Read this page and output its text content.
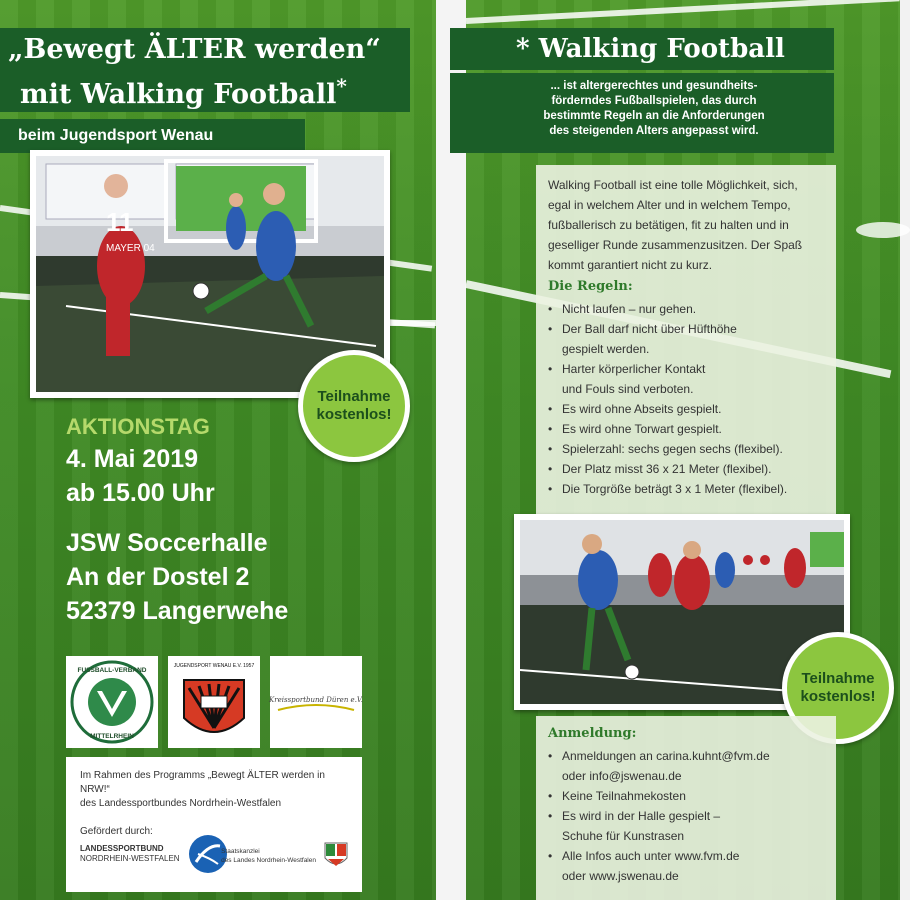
„Bewegt ÄLTER werden“
mit Walking Football*
beim Jugendsport Wenau
11
MAYER 04
Teilnahme
kostenlos!
AKTIONSTAG
4. Mai 2019
ab 15.00 Uhr
JSW Soccerhalle
An der Dostel 2
52379 Langerwehe
FUSSBALL-VERBAND
MITTELRHEIN
JUGENDSPORT WENAU E.V. 1957
Kreissportbund Düren e.V.
Im Rahmen des Programms „Bewegt ÄLTER werden in NRW!“
des Landessportbundes Nordrhein-Westfalen
Gefördert durch:
LANDESSPORTBUND
NORDRHEIN-WESTFALEN
Staatskanzlei
des Landes Nordrhein-Westfalen
* Walking Football
... ist altergerechtes und gesundheits-
förderndes Fußballspielen, das durch
bestimmte Regeln an die Anforderungen
des steigenden Alters angepasst wird.
Walking Football ist eine tolle Möglichkeit, sich,
egal in welchem Alter und in welchem Tempo,
fußballerisch zu betätigen, fit zu halten und in
geselliger Runde zusammenzusitzen. Der Spaß
kommt garantiert nicht zu kurz.
Die Regeln:
• Nicht laufen – nur gehen.
• Der Ball darf nicht über Hüfthöhe
gespielt werden.
• Harter körperlicher Kontakt
und Fouls sind verboten.
• Es wird ohne Abseits gespielt.
• Es wird ohne Torwart gespielt.
• Spielerzahl: sechs gegen sechs (flexibel).
• Der Platz misst 36 x 21 Meter (flexibel).
• Die Torgröße beträgt 3 x 1 Meter (flexibel).
Teilnahme
kostenlos!
Anmeldung:
• Anmeldungen an carina.kuhnt@fvm.de
oder info@jswenau.de
• Keine Teilnahmekosten
• Es wird in der Halle gespielt –
Schuhe für Kunstrasen
• Alle Infos auch unter www.fvm.de
oder www.jswenau.de
